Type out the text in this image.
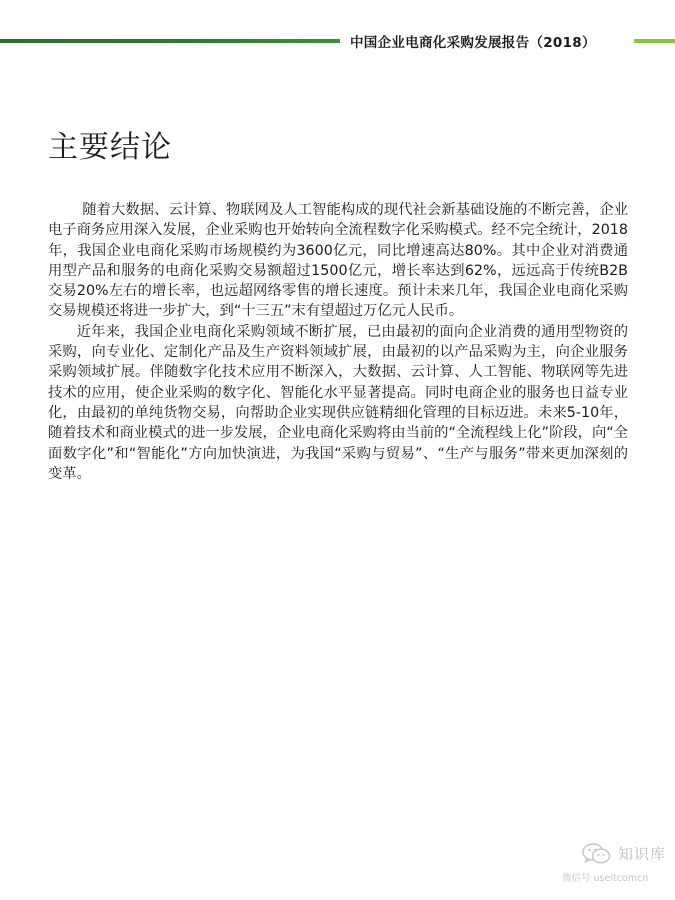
中国企业电商化采购发展报告（2018）
主要结论

随着大数据、云计算、物联网及人工智能构成的现代社会新基础设施的不断完善，企业电子商务应用深入发展，企业采购也开始转向全流程数字化采购模式。经不完全统计，2018年，我国企业电商化采购市场规模约为3600亿元，同比增速高达80%。其中企业对消费通用型产品和服务的电商化采购交易额超过1500亿元，增长率达到62%，远远高于传统B2B交易20%左右的增长率，也远超网络零售的增长速度。预计未来几年，我国企业电商化采购交易规模还将进一步扩大，到“十三五”末有望超过万亿元人民币。

近年来，我国企业电商化采购领域不断扩展，已由最初的面向企业消费的通用型物资的采购，向专业化、定制化产品及生产资料领域扩展，由最初的以产品采购为主，向企业服务采购领域扩展。伴随数字化技术应用不断深入，大数据、云计算、人工智能、物联网等先进技术的应用，使企业采购的数字化、智能化水平显著提高。同时电商企业的服务也日益专业化，由最初的单纯货物交易，向帮助企业实现供应链精细化管理的目标迈进。未来5-10年，随着技术和商业模式的进一步发展，企业电商化采购将由当前的“全流程线上化”阶段，向“全面数字化”和“智能化”方向加快演进，为我国“采购与贸易”、“生产与服务”带来更加深刻的变革。

知识库
微信号 useitcomcn
